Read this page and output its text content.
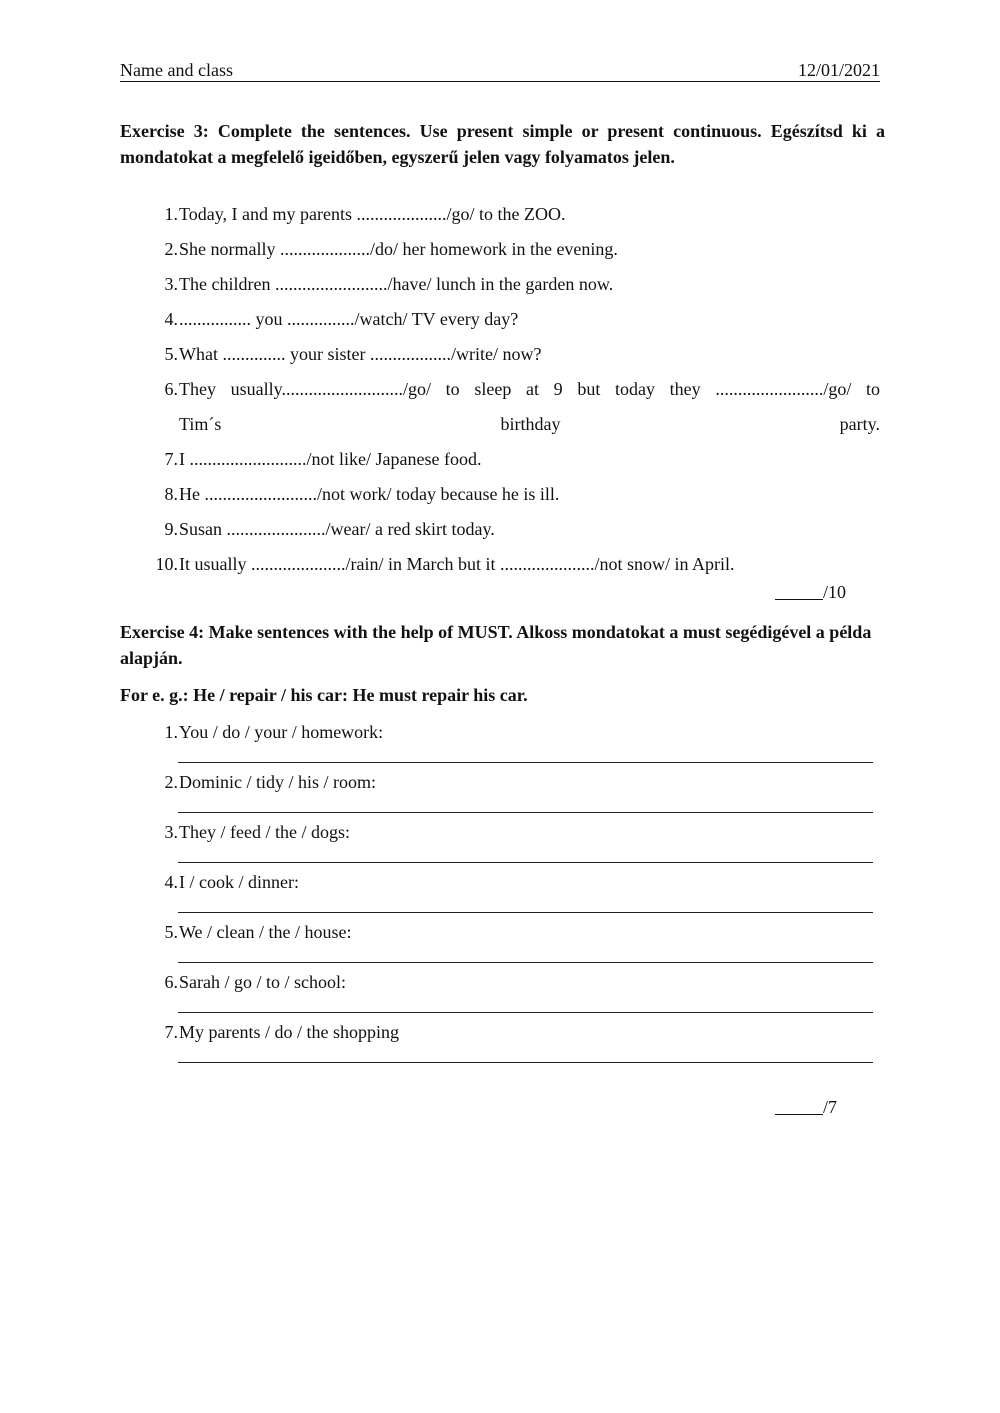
Name and class	12/01/2021
Exercise 3: Complete the sentences. Use present simple or present continuous. Egészítsd ki a mondatokat a megfelelő igeidőben, egyszerű jelen vagy folyamatos jelen.
1. Today, I and my parents ..................../go/ to the ZOO.
2. She normally ..................../do/ her homework in the evening.
3. The children ........................./have/ lunch in the garden now.
4. ................ you .............../watch/ TV every day?
5. What .............. your sister ................../write/ now?
6. They usually.........................../go/ to sleep at 9 but today they ......................../go/ to
Tim´s birthday party.
7. I ........................../not like/ Japanese food.
8. He ........................./not work/ today because he is ill.
9. Susan ....................../wear/ a red skirt today.
10. It usually ...................../rain/ in March but it ...................../not snow/ in April.
/10
Exercise 4: Make sentences with the help of MUST. Alkoss mondatokat a must segédigével a példa alapján.
For e. g.: He / repair / his car: He must repair his car.
1. You / do / your / homework:
2. Dominic / tidy / his / room:
3. They / feed / the / dogs:
4. I / cook / dinner:
5. We / clean / the / house:
6. Sarah / go / to / school:
7. My parents / do / the shopping
/7
